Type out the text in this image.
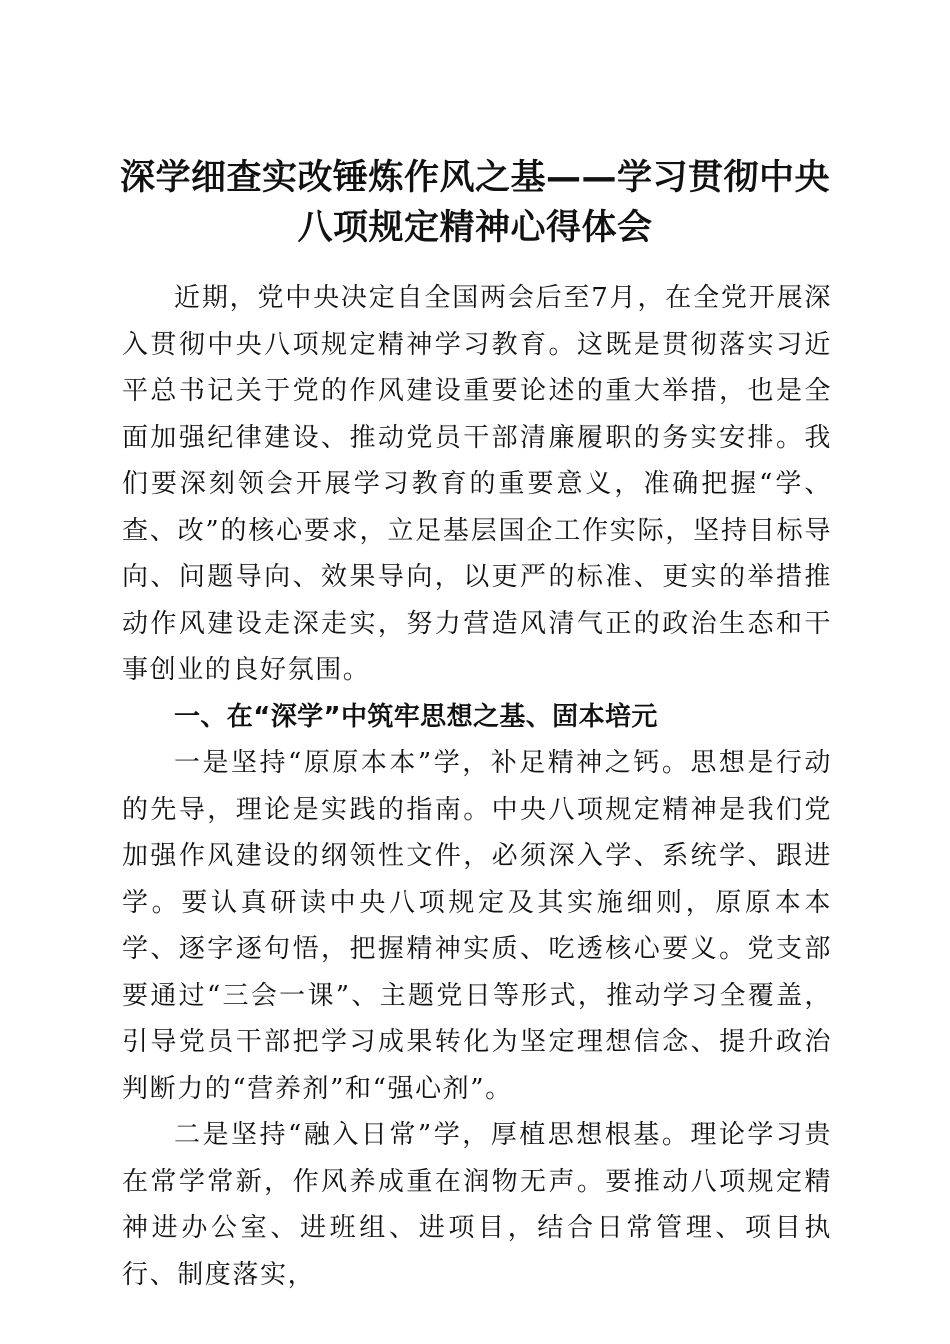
深学细查实改锤炼作风之基——学习贯彻中央
八项规定精神心得体会

近期，党中央决定自全国两会后至7月，在全党开展深入贯彻中央八项规定精神学习教育。这既是贯彻落实习近平总书记关于党的作风建设重要论述的重大举措，也是全面加强纪律建设、推动党员干部清廉履职的务实安排。我们要深刻领会开展学习教育的重要意义，准确把握“学、查、改”的核心要求，立足基层国企工作实际，坚持目标导向、问题导向、效果导向，以更严的标准、更实的举措推动作风建设走深走实，努力营造风清气正的政治生态和干事创业的良好氛围。

一、在“深学”中筑牢思想之基、固本培元

一是坚持“原原本本”学，补足精神之钙。思想是行动的先导，理论是实践的指南。中央八项规定精神是我们党加强作风建设的纲领性文件，必须深入学、系统学、跟进学。要认真研读中央八项规定及其实施细则，原原本本学、逐字逐句悟，把握精神实质、吃透核心要义。党支部要通过“三会一课”、主题党日等形式，推动学习全覆盖，引导党员干部把学习成果转化为坚定理想信念、提升政治判断力的“营养剂”和“强心剂”。

二是坚持“融入日常”学，厚植思想根基。理论学习贵在常学常新，作风养成重在润物无声。要推动八项规定精神进办公室、进班组、进项目，结合日常管理、项目执行、制度落实，
